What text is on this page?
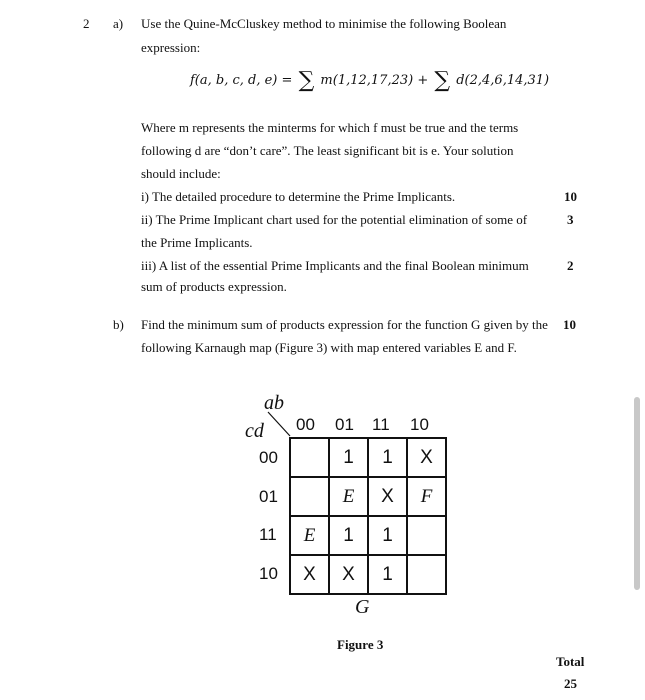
2 a) Use the Quine-McCluskey method to minimise the following Boolean
expression:
f(a, b, c, d, e) = ∑ m(1,12,17,23) + ∑ d(2,4,6,14,31)
Where m represents the minterms for which f must be true and the terms
following d are “don’t care”. The least significant bit is e. Your solution
should include:
i) The detailed procedure to determine the Prime Implicants.	10
ii) The Prime Implicant chart used for the potential elimination of some of	3
the Prime Implicants.
iii) A list of the essential Prime Implicants and the final Boolean minimum	2
sum of products expression.
b) Find the minimum sum of products expression for the function G given by the 10
following Karnaugh map (Figure 3) with map entered variables E and F.
ab
cd 00 01 11 10
00
01
11
10
	1	1	X
	E	X	F
E	1	1	
X	X	1	
G
Figure 3
Total
25
